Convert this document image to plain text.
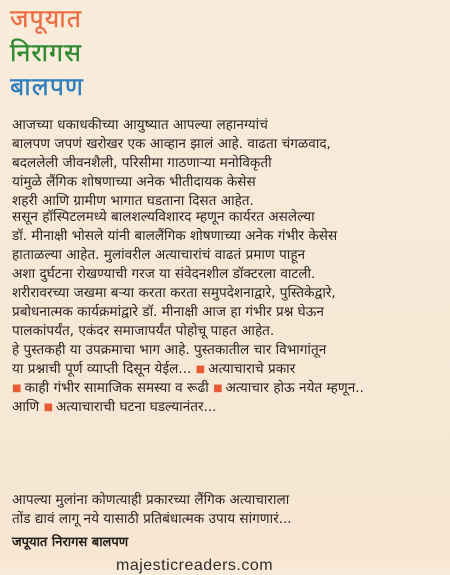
जपूयात
निरागस
बालपण
आजच्या धकाधकीच्या आयुष्यात आपल्या लहानग्यांचं
बालपण जपणं खरोखर एक आव्हान झालं आहे. वाढता चंगळवाद,
बदललेली जीवनशैली, परिसीमा गाठणाऱ्या मनोविकृती
यांमुळे लैंगिक शोषणाच्या अनेक भीतीदायक केसेस
शहरी आणि ग्रामीण भागात घडताना दिसत आहेत.
ससून हॉस्पिटलमध्ये बालशल्यविशारद म्हणून कार्यरत असलेल्या
डॉ. मीनाक्षी भोसले यांनी बाललैंगिक शोषणाच्या अनेक गंभीर केसेस
हाताळल्या आहेत. मुलांवरील अत्याचारांचं वाढतं प्रमाण पाहून
अशा दुर्घटना रोखण्याची गरज या संवेदनशील डॉक्टरला वाटली.
शरीरावरच्या जखमा बऱ्या करता करता समुपदेशनाद्वारे, पुस्तिकेद्वारे,
प्रबोधनात्मक कार्यक्रमांद्वारे डॉ. मीनाक्षी आज हा गंभीर प्रश्न घेऊन
पालकांपर्यंत, एकंदर समाजापर्यंत पोहोचू पाहत आहेत.
हे पुस्तकही या उपक्रमाचा भाग आहे. पुस्तकातील चार विभागांतून
या प्रश्नाची पूर्ण व्याप्ती दिसून येईल... ■ अत्याचाराचे प्रकार
■ काही गंभीर सामाजिक समस्या व रूढी ■ अत्याचार होऊ नयेत म्हणून..
आणि ■ अत्याचाराची घटना घडल्यानंतर...
आपल्या मुलांना कोणत्याही प्रकारच्या लैंगिक अत्याचाराला
तोंड द्यावं लागू नये यासाठी प्रतिबंधात्मक उपाय सांगणारं...
जपूयात निरागस बालपण
majesticreaders.com
